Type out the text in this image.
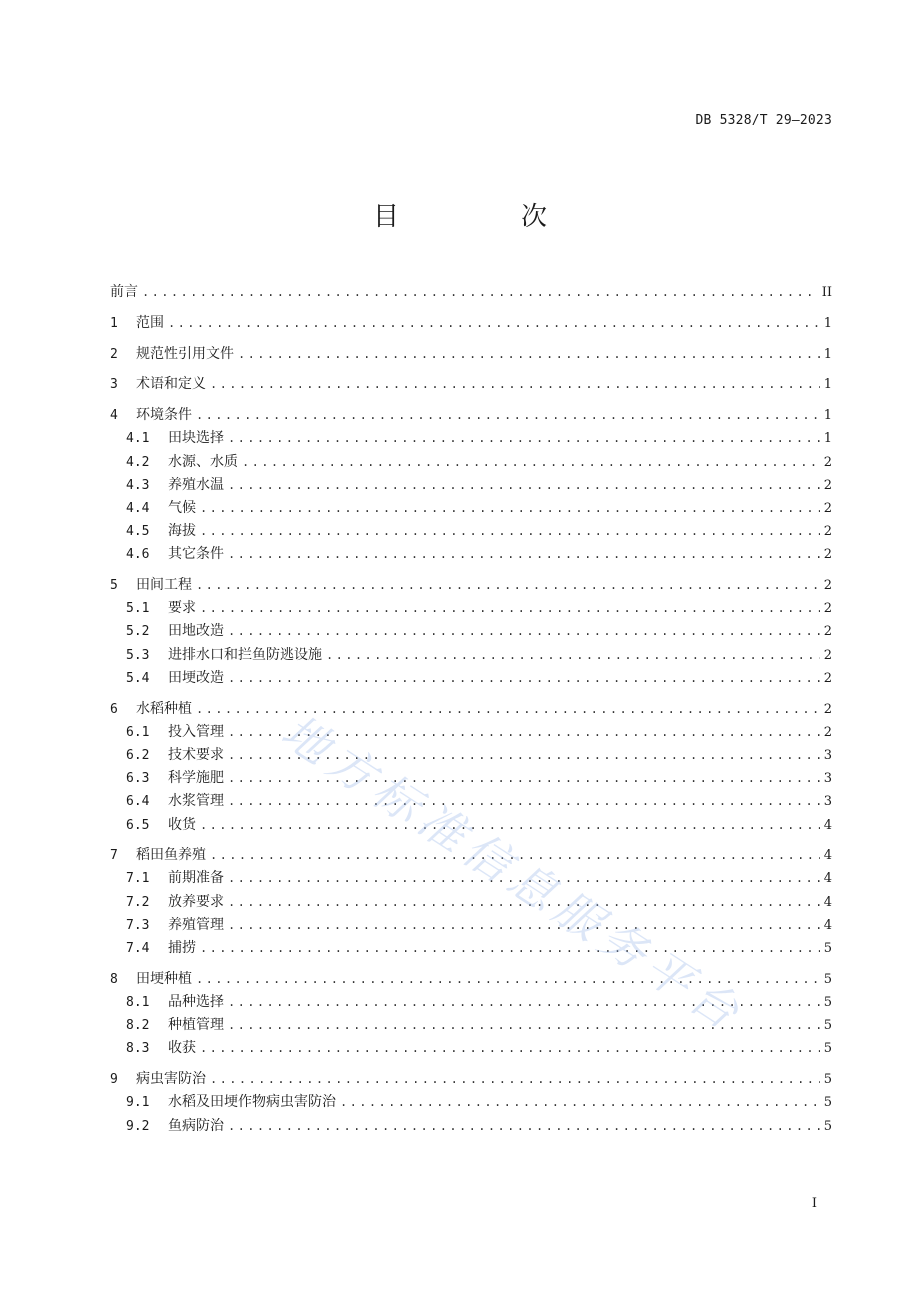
DB 5328/T 29—2023
目　次
前言 .....	II
1	范围 .....	1
2	规范性引用文件 .....	1
3	术语和定义 .....	1
4	环境条件 .....	1
4.1	田块选择 .....	1
4.2	水源、水质 .....	2
4.3	养殖水温 .....	2
4.4	气候 .....	2
4.5	海拔 .....	2
4.6	其它条件 .....	2
5	田间工程 .....	2
5.1	要求 .....	2
5.2	田地改造 .....	2
5.3	进排水口和拦鱼防逃设施 .....	2
5.4	田埂改造 .....	2
6	水稻种植 .....	2
6.1	投入管理 .....	2
6.2	技术要求 .....	3
6.3	科学施肥 .....	3
6.4	水浆管理 .....	3
6.5	收货 .....	4
7	稻田鱼养殖 .....	4
7.1	前期准备 .....	4
7.2	放养要求 .....	4
7.3	养殖管理 .....	4
7.4	捕捞 .....	5
8	田埂种植 .....	5
8.1	品种选择 .....	5
8.2	种植管理 .....	5
8.3	收获 .....	5
9	病虫害防治 .....	5
9.1	水稻及田埂作物病虫害防治 .....	5
9.2	鱼病防治 .....	5
地方标准信息服务平台
I
